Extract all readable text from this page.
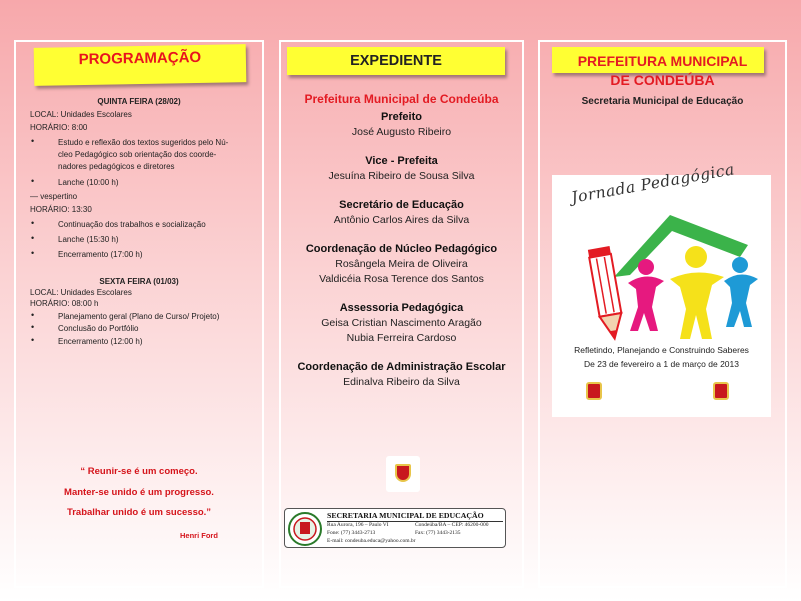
PROGRAMAÇÃO
QUINTA FEIRA (28/02)
LOCAL: Unidades Escolares
HORÁRIO: 8:00
•	Estudo e reflexão dos textos sugeridos pelo Nú-
cleo Pedagógico sob orientação dos coorde-
nadores pedagógicos e diretores
•	Lanche (10:00 h)
— vespertino
HORÁRIO: 13:30
•	Continuação dos trabalhos e socialização
•	Lanche (15:30 h)
•	Encerramento (17:00 h)
SEXTA FEIRA (01/03)
LOCAL: Unidades Escolares
HORÁRIO: 08:00 h
•	Planejamento geral (Plano de Curso/ Projeto)
•	Conclusão do Portfólio
•	Encerramento (12:00 h)
“ Reunir-se é um começo.
Manter-se unido é um progresso.
Trabalhar unido é um sucesso.”
Henri Ford
EXPEDIENTE
Prefeitura Municipal de Condeúba
Prefeito
José Augusto Ribeiro
Vice - Prefeita
Jesuína Ribeiro de Sousa Silva
Secretário de Educação
Antônio Carlos Aires da Silva
Coordenação de Núcleo Pedagógico
Rosângela Meira de Oliveira
Valdicéia Rosa Terence dos Santos
Assessoria Pedagógica
Geisa Cristian Nascimento Aragão
Nubia Ferreira Cardoso
Coordenação de Administração Escolar
Edinalva Ribeiro da Silva
SECRETARIA MUNICIPAL DE EDUCAÇÃO
Rua Aurora, 196 – Paulo VI	Condeúba/BA – CEP: 46200-000
Fone: (77) 3443-2713	Fax: (77) 3443-2135
E-mail: condeuba.educa@yahoo.com.br
PREFEITURA MUNICIPAL
DE CONDEÚBA
Secretaria Municipal de Educação
Jornada Pedagógica
Refletindo, Planejando e Construindo Saberes
De 23 de fevereiro a 1 de março de 2013
